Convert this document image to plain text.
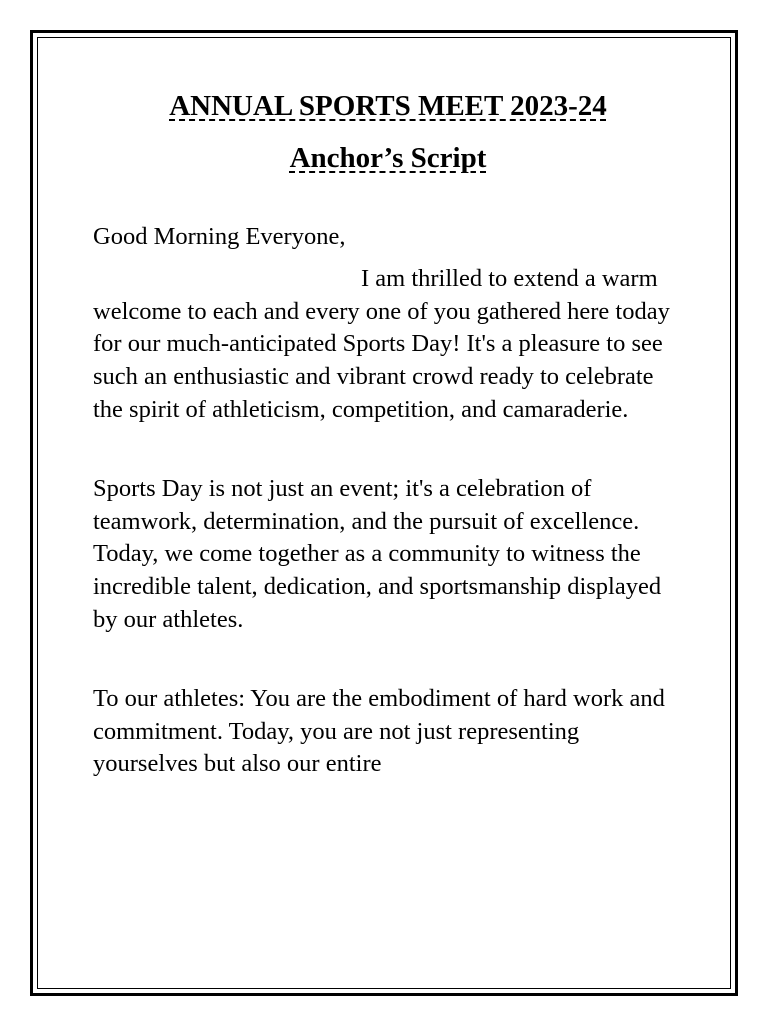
ANNUAL SPORTS MEET 2023-24
Anchor’s Script

Good Morning Everyone,

I am thrilled to extend a warm welcome to each and every one of you gathered here today for our much-anticipated Sports Day! It's a pleasure to see such an enthusiastic and vibrant crowd ready to celebrate the spirit of athleticism, competition, and camaraderie.

Sports Day is not just an event; it's a celebration of teamwork, determination, and the pursuit of excellence. Today, we come together as a community to witness the incredible talent, dedication, and sportsmanship displayed by our athletes.

To our athletes: You are the embodiment of hard work and commitment. Today, you are not just representing yourselves but also our entire
